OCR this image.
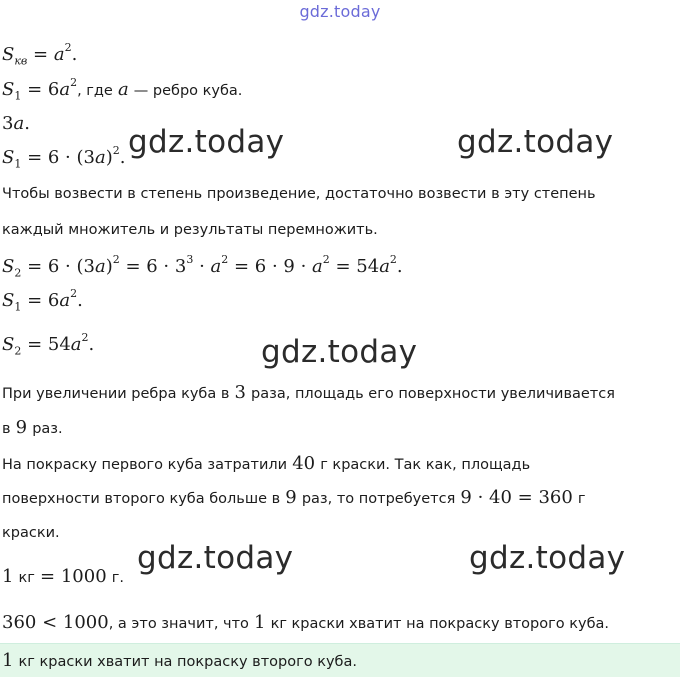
gdz.today
gdz.today	gdz.today
gdz.today
gdz.today	gdz.today
$S_{кв} = a^2$.
$S_1 = 6a^2$, где a — ребро куба.
3a.
$S_1 = 6 \cdot (3a)^2$.
Чтобы возвести в степень произведение, достаточно возвести в эту степень
каждый множитель и результаты перемножить.
$S_2 = 6 \cdot (3a)^2 = 6 \cdot 3^3 \cdot a^2 = 6 \cdot 9 \cdot a^2 = 54a^2$.
$S_1 = 6a^2$.
$S_2 = 54a^2$.
При увеличении ребра куба в 3 раза, площадь его поверхности увеличивается
в 9 раз.
На покраску первого куба затратили 40 г краски. Так как, площадь
поверхности второго куба больше в 9 раз, то потребуется 9 · 40 = 360 г
краски.
1 кг = 1000 г.
360 < 1000, а это значит, что 1 кг краски хватит на покраску второго куба.
1 кг краски хватит на покраску второго куба.
